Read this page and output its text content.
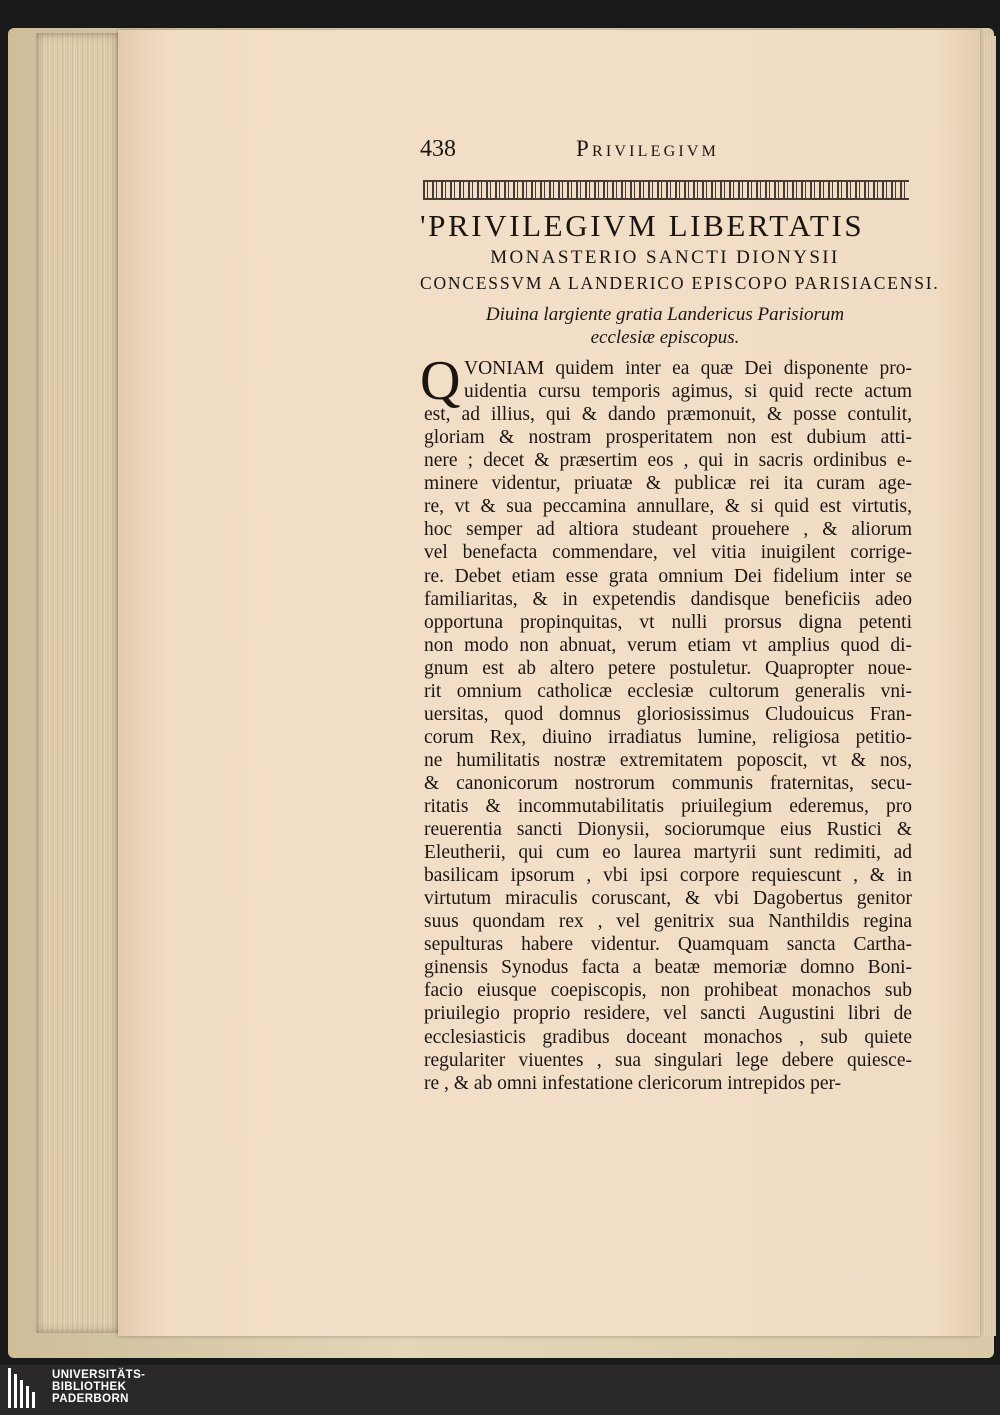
438	Privilegivm
'PRIVILEGIVM LIBERTATIS
MONASTERIO SANCTI DIONYSII
CONCESSVM A LANDERICO EPISCOPO PARISIACENSI.
Diuina largiente gratia Landericus Parisiorum
ecclesiæ episcopus.
Q VONIAM quidem inter ea quæ Dei disponente pro-
uidentia cursu temporis agimus, si quid recte actum
est, ad illius, qui & dando præmonuit, & posse contulit,
gloriam & nostram prosperitatem non est dubium atti-
nere ; decet & præsertim eos , qui in sacris ordinibus e-
minere videntur, priuatæ & publicæ rei ita curam age-
re, vt & sua peccamina annullare, & si quid est virtutis,
hoc semper ad altiora studeant prouehere , & aliorum
vel benefacta commendare, vel vitia inuigilent corrige-
re. Debet etiam esse grata omnium Dei fidelium inter se
familiaritas, & in expetendis dandisque beneficiis adeo
opportuna propinquitas, vt nulli prorsus digna petenti
non modo non abnuat, verum etiam vt amplius quod di-
gnum est ab altero petere postuletur. Quapropter noue-
rit omnium catholicæ ecclesiæ cultorum generalis vni-
uersitas, quod domnus gloriosissimus Cludouicus Fran-
corum Rex, diuino irradiatus lumine, religiosa petitio-
ne humilitatis nostræ extremitatem poposcit, vt & nos,
& canonicorum nostrorum communis fraternitas, secu-
ritatis & incommutabilitatis priuilegium ederemus, pro
reuerentia sancti Dionysii, sociorumque eius Rustici &
Eleutherii, qui cum eo laurea martyrii sunt redimiti, ad
basilicam ipsorum , vbi ipsi corpore requiescunt , & in
virtutum miraculis coruscant, & vbi Dagobertus genitor
suus quondam rex , vel genitrix sua Nanthildis regina
sepulturas habere videntur. Quamquam sancta Cartha-
ginensis Synodus facta a beatæ memoriæ domno Boni-
facio eiusque coepiscopis, non prohibeat monachos sub
priuilegio proprio residere, vel sancti Augustini libri de
ecclesiasticis gradibus doceant monachos , sub quiete
regulariter viuentes , sua singulari lege debere quiesce-
re , & ab omni infestatione clericorum intrepidos per-
UNIVERSITÄTS-
BIBLIOTHEK
PADERBORN
